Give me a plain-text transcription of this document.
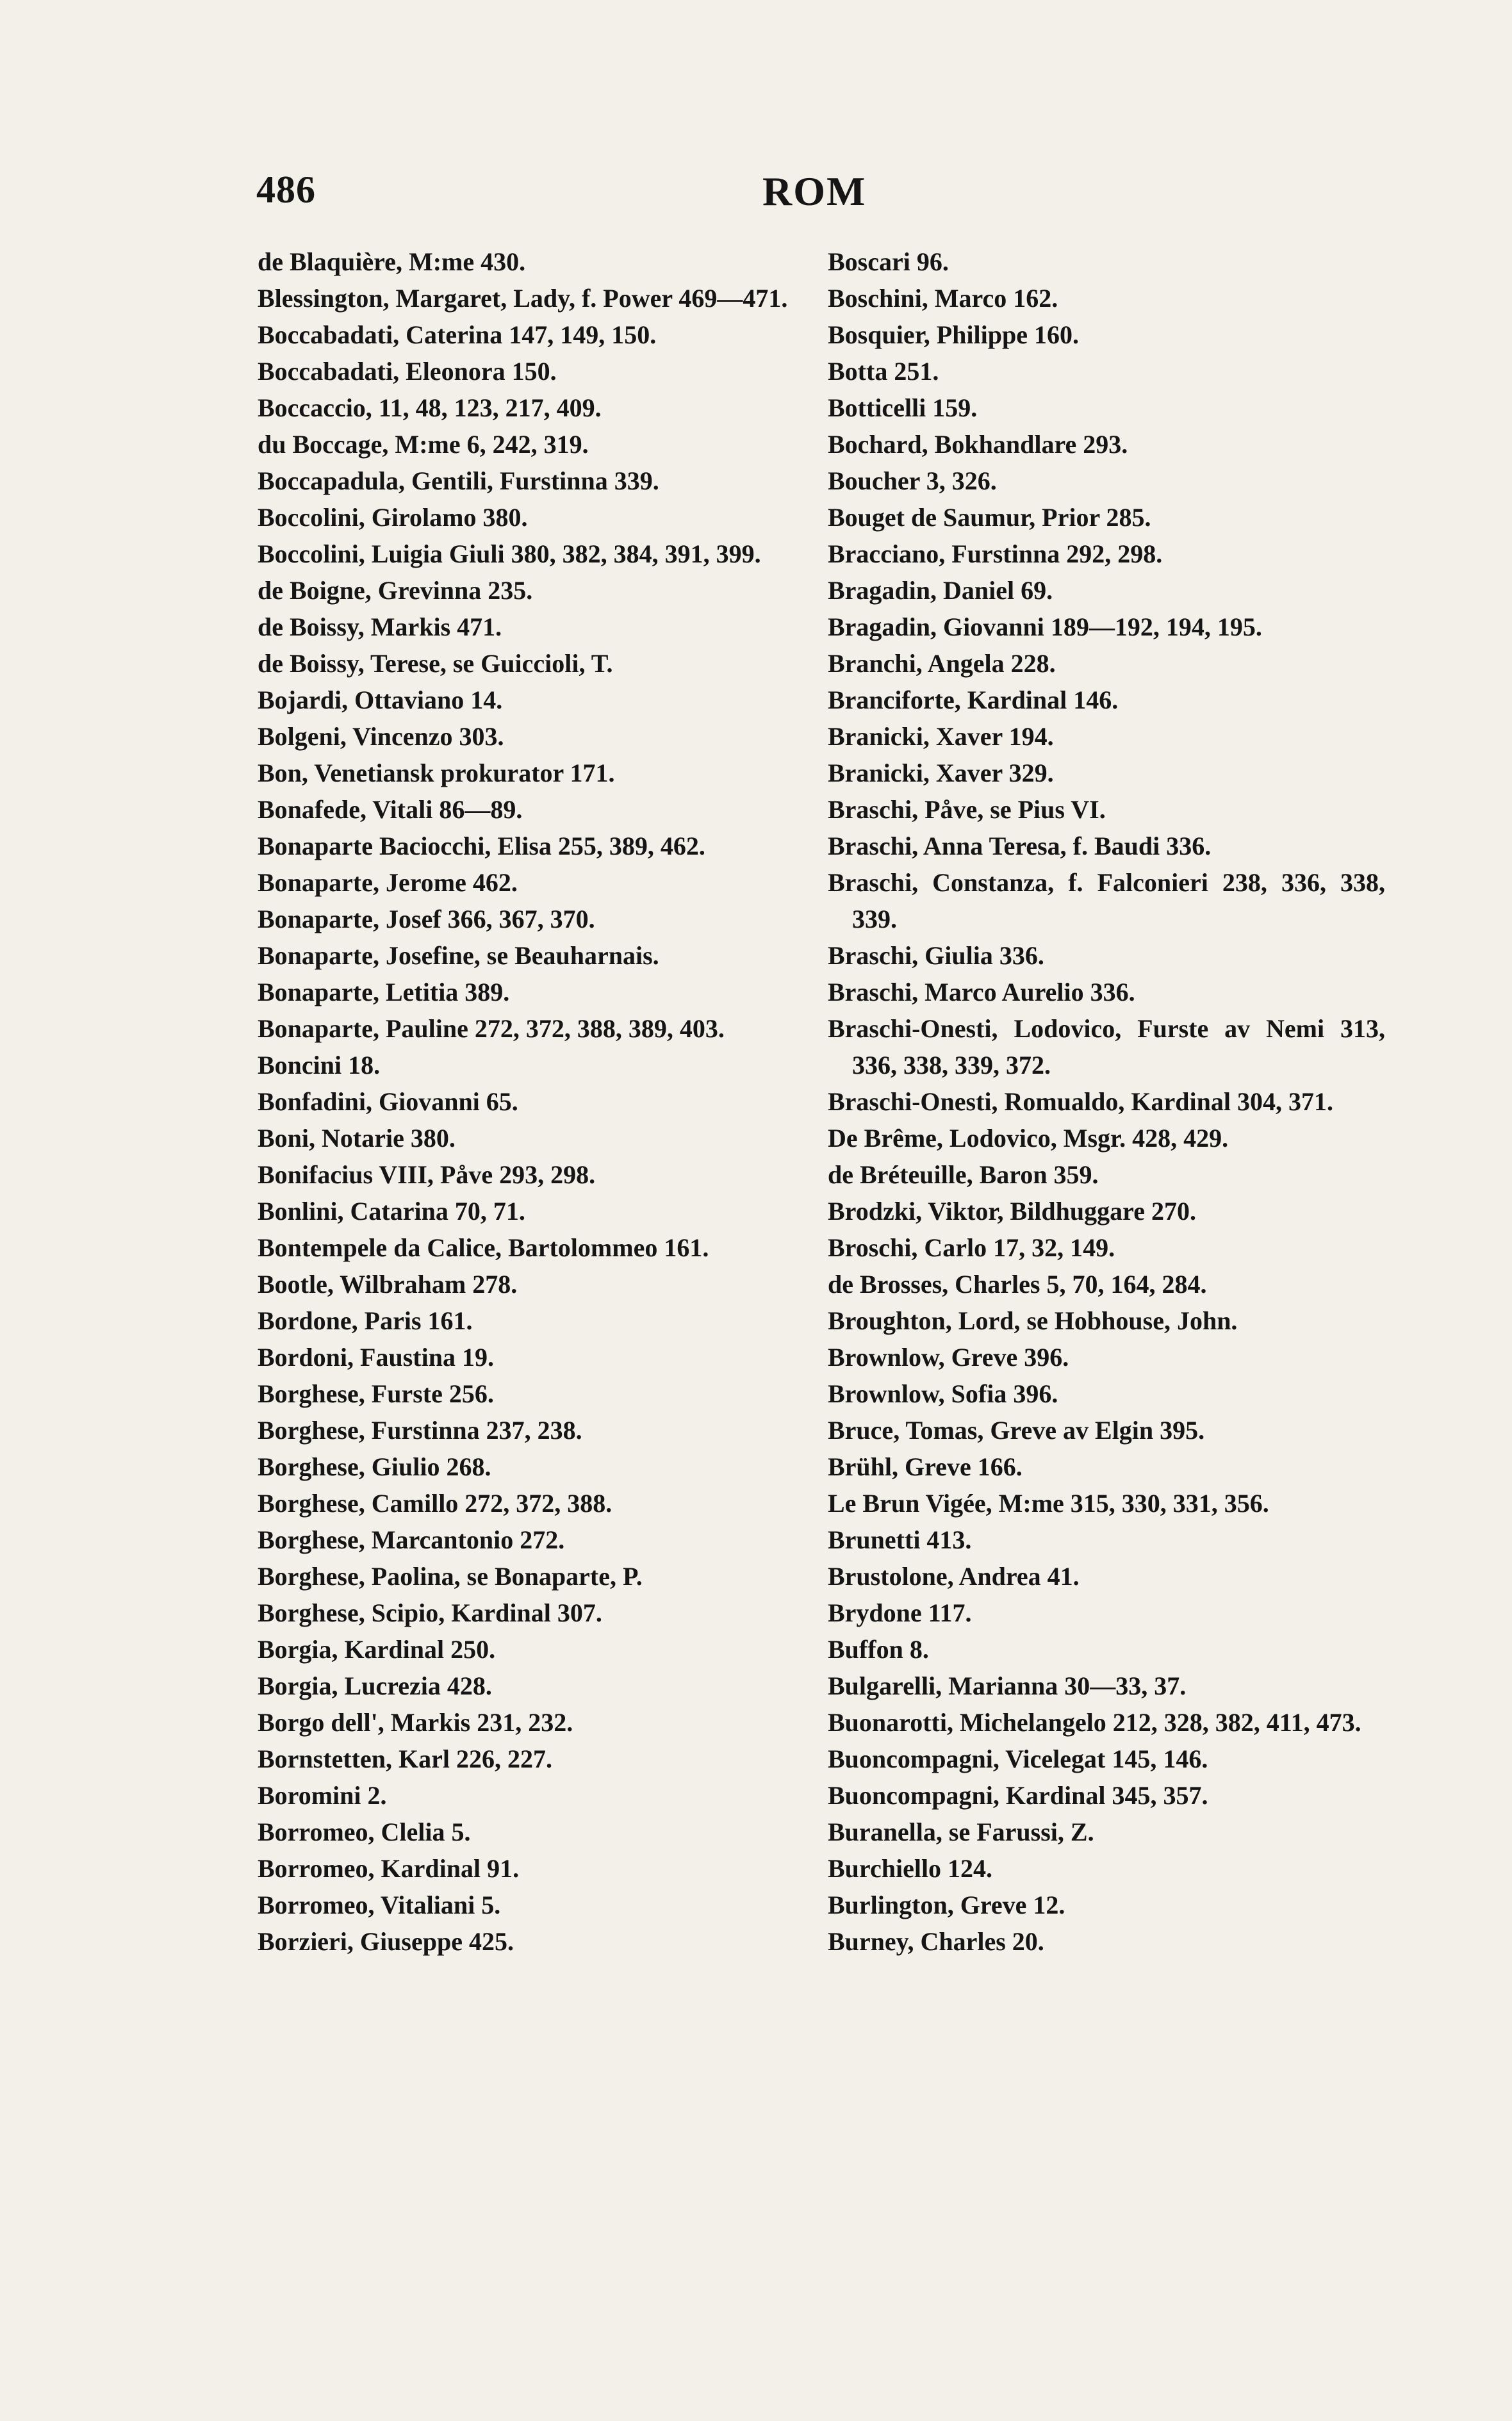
486	ROM
de Blaquière, M:me 430.
Blessington, Margaret, Lady, f. Power 469—471.
Boccabadati, Caterina 147, 149, 150.
Boccabadati, Eleonora 150.
Boccaccio, 11, 48, 123, 217, 409.
du Boccage, M:me 6, 242, 319.
Boccapadula, Gentili, Furstinna 339.
Boccolini, Girolamo 380.
Boccolini, Luigia Giuli 380, 382, 384, 391, 399.
de Boigne, Grevinna 235.
de Boissy, Markis 471.
de Boissy, Terese, se Guiccioli, T.
Bojardi, Ottaviano 14.
Bolgeni, Vincenzo 303.
Bon, Venetiansk prokurator 171.
Bonafede, Vitali 86—89.
Bonaparte Baciocchi, Elisa 255, 389, 462.
Bonaparte, Jerome 462.
Bonaparte, Josef 366, 367, 370.
Bonaparte, Josefine, se Beauharnais.
Bonaparte, Letitia 389.
Bonaparte, Pauline 272, 372, 388, 389, 403.
Boncini 18.
Bonfadini, Giovanni 65.
Boni, Notarie 380.
Bonifacius VIII, Påve 293, 298.
Bonlini, Catarina 70, 71.
Bontempele da Calice, Bartolommeo 161.
Bootle, Wilbraham 278.
Bordone, Paris 161.
Bordoni, Faustina 19.
Borghese, Furste 256.
Borghese, Furstinna 237, 238.
Borghese, Giulio 268.
Borghese, Camillo 272, 372, 388.
Borghese, Marcantonio 272.
Borghese, Paolina, se Bonaparte, P.
Borghese, Scipio, Kardinal 307.
Borgia, Kardinal 250.
Borgia, Lucrezia 428.
Borgo dell', Markis 231, 232.
Bornstetten, Karl 226, 227.
Boromini 2.
Borromeo, Clelia 5.
Borromeo, Kardinal 91.
Borromeo, Vitaliani 5.
Borzieri, Giuseppe 425.
Boscari 96.
Boschini, Marco 162.
Bosquier, Philippe 160.
Botta 251.
Botticelli 159.
Bochard, Bokhandlare 293.
Boucher 3, 326.
Bouget de Saumur, Prior 285.
Bracciano, Furstinna 292, 298.
Bragadin, Daniel 69.
Bragadin, Giovanni 189—192, 194, 195.
Branchi, Angela 228.
Branciforte, Kardinal 146.
Branicki, Xaver 194.
Branicki, Xaver 329.
Braschi, Påve, se Pius VI.
Braschi, Anna Teresa, f. Baudi 336.
Braschi, Constanza, f. Falconieri 238, 336, 338, 339.
Braschi, Giulia 336.
Braschi, Marco Aurelio 336.
Braschi-Onesti, Lodovico, Furste av Nemi 313, 336, 338, 339, 372.
Braschi-Onesti, Romualdo, Kardinal 304, 371.
De Brême, Lodovico, Msgr. 428, 429.
de Bréteuille, Baron 359.
Brodzki, Viktor, Bildhuggare 270.
Broschi, Carlo 17, 32, 149.
de Brosses, Charles 5, 70, 164, 284.
Broughton, Lord, se Hobhouse, John.
Brownlow, Greve 396.
Brownlow, Sofia 396.
Bruce, Tomas, Greve av Elgin 395.
Brühl, Greve 166.
Le Brun Vigée, M:me 315, 330, 331, 356.
Brunetti 413.
Brustolone, Andrea 41.
Brydone 117.
Buffon 8.
Bulgarelli, Marianna 30—33, 37.
Buonarotti, Michelangelo 212, 328, 382, 411, 473.
Buoncompagni, Vicelegat 145, 146.
Buoncompagni, Kardinal 345, 357.
Buranella, se Farussi, Z.
Burchiello 124.
Burlington, Greve 12.
Burney, Charles 20.
